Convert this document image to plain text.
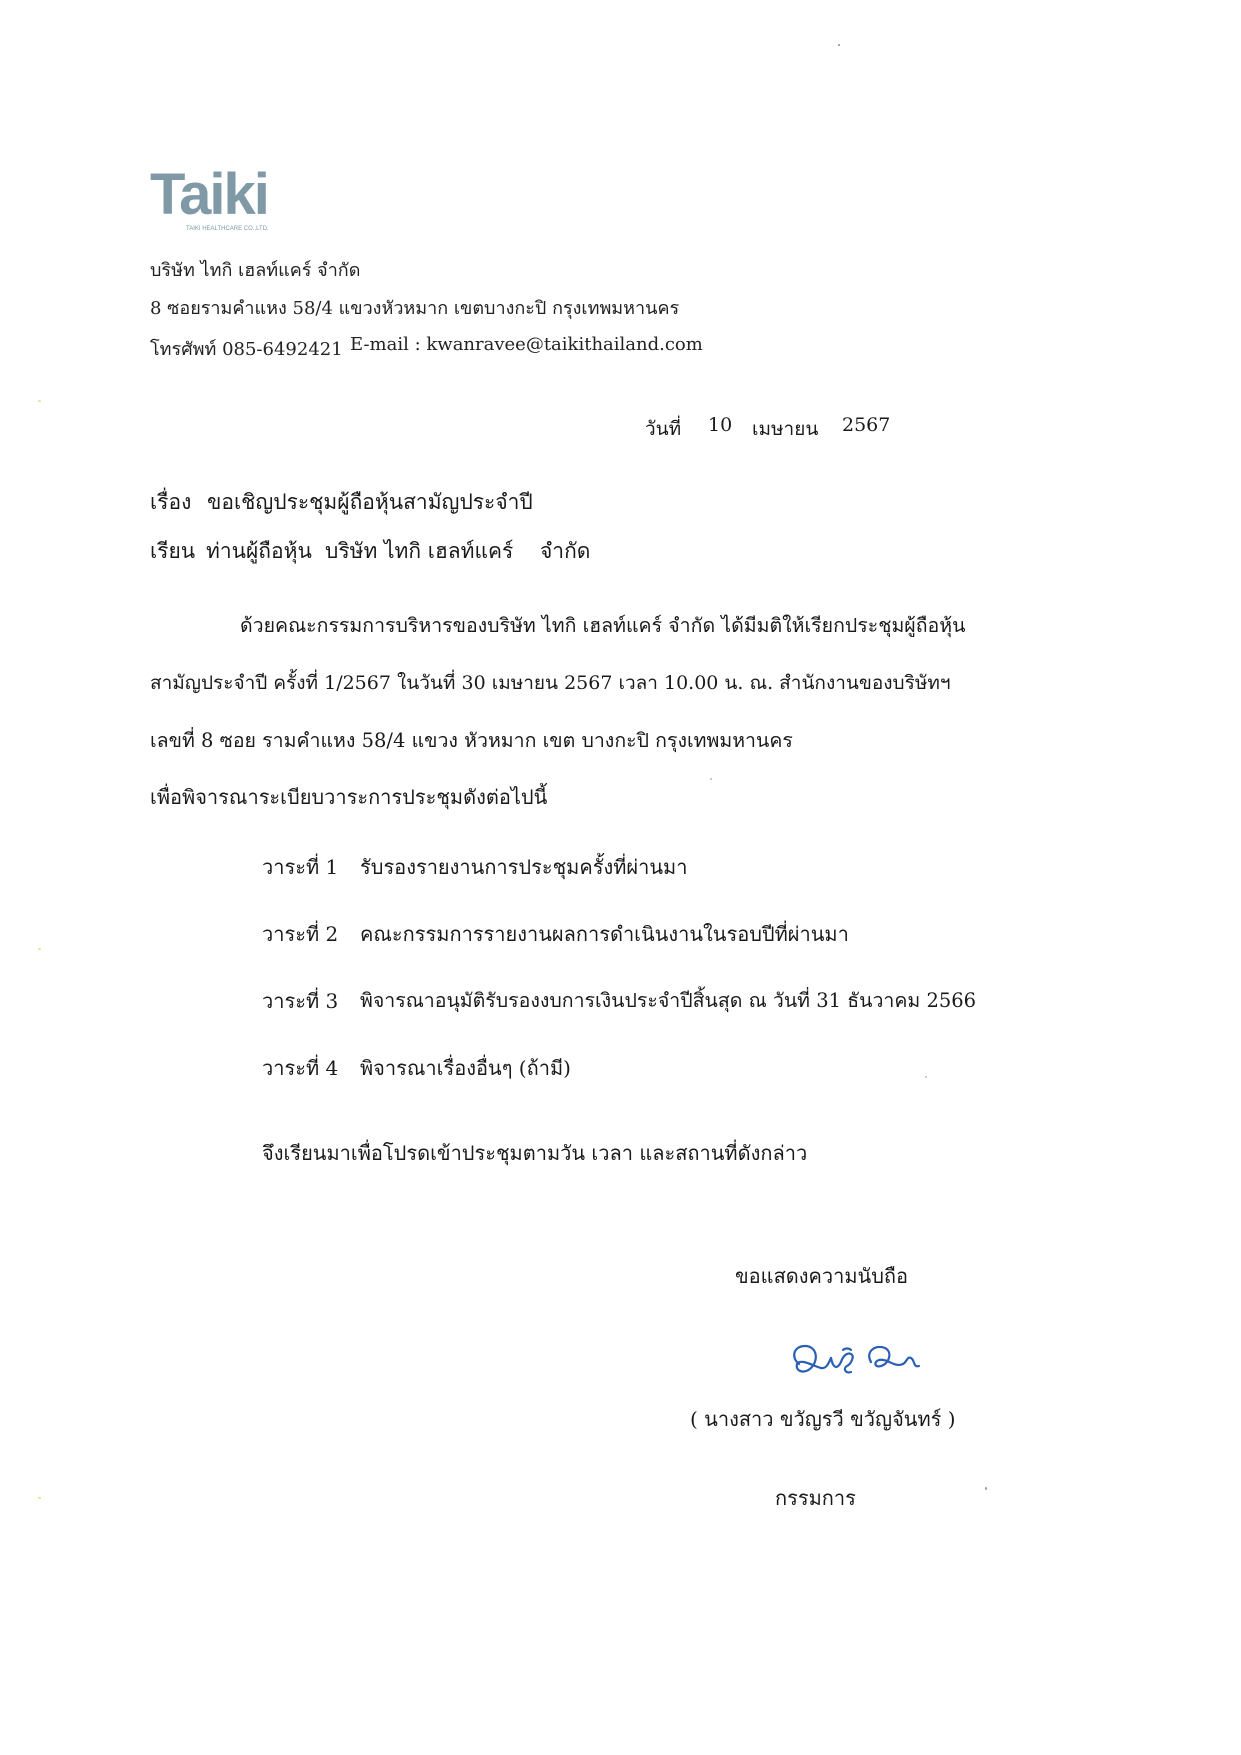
Taiki
TAIKI HEALTHCARE CO.,LTD.
บริษัท ไทกิ เฮลท์แคร์ จำกัด
8 ซอยรามคำแหง 58/4 แขวงหัวหมาก เขตบางกะปิ กรุงเทพมหานคร
โทรศัพท์ 085-6492421 E-mail : kwanravee@taikithailand.com
วันที่ 10 เมษายน 2567
เรื่อง ขอเชิญประชุมผู้ถือหุ้นสามัญประจำปี
เรียน ท่านผู้ถือหุ้น บริษัท ไทกิ เฮลท์แคร์ จำกัด
ด้วยคณะกรรมการบริหารของบริษัท ไทกิ เฮลท์แคร์ จำกัด ได้มีมติให้เรียกประชุมผู้ถือหุ้น
สามัญประจำปี ครั้งที่ 1/2567 ในวันที่ 30 เมษายน 2567 เวลา 10.00 น. ณ. สำนักงานของบริษัทฯ
เลขที่ 8 ซอย รามคำแหง 58/4 แขวง หัวหมาก เขต บางกะปิ กรุงเทพมหานคร
เพื่อพิจารณาระเบียบวาระการประชุมดังต่อไปนี้
วาระที่ 1 รับรองรายงานการประชุมครั้งที่ผ่านมา
วาระที่ 2 คณะกรรมการรายงานผลการดำเนินงานในรอบปีที่ผ่านมา
วาระที่ 3 พิจารณาอนุมัติรับรองงบการเงินประจำปีสิ้นสุด ณ วันที่ 31 ธันวาคม 2566
วาระที่ 4 พิจารณาเรื่องอื่นๆ (ถ้ามี)
จึงเรียนมาเพื่อโปรดเข้าประชุมตามวัน เวลา และสถานที่ดังกล่าว
ขอแสดงความนับถือ
( นางสาว ขวัญรวี ขวัญจันทร์ )
กรรมการ
